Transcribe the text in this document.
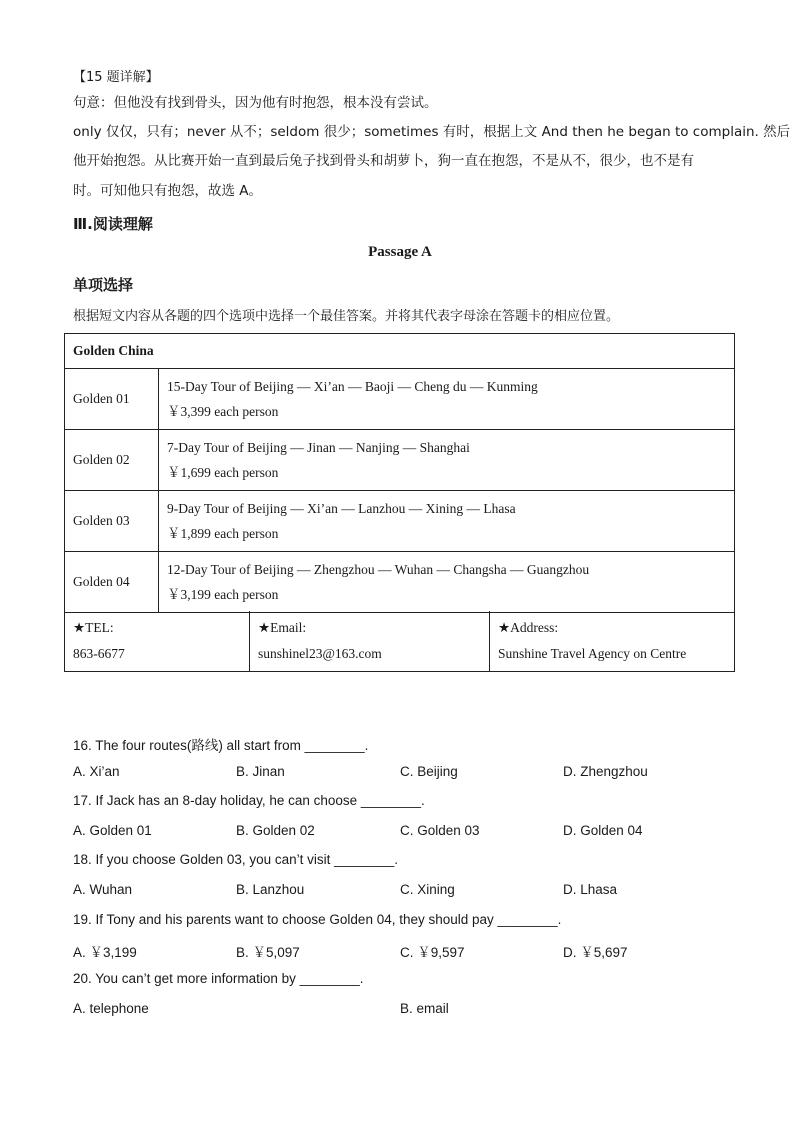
【15 题详解】
句意：但他没有找到骨头，因为他有时抱怨，根本没有尝试。
only 仅仅，只有；never 从不；seldom 很少；sometimes 有时，根据上文 And then he began to complain. 然后
他开始抱怨。从比赛开始一直到最后兔子找到骨头和胡萝卜，狗一直在抱怨，不是从不，很少，也不是有
时。可知他只有抱怨，故选 A。
Ⅲ.阅读理解
Passage A
单项选择
根据短文内容从各题的四个选项中选择一个最佳答案。并将其代表字母涂在答题卡的相应位置。
Golden China	
Golden 01	15-Day Tour of Beijing — Xi’an — Baoji — Cheng du — Kunming
￥3,399 each person

Golden 02	7-Day Tour of Beijing — Jinan — Nanjing — Shanghai
￥1,699 each person

Golden 03	9-Day Tour of Beijing — Xi’an — Lanzhou — Xining — Lhasa
￥1,899 each person

Golden 04	12-Day Tour of Beijing — Zhengzhou — Wuhan — Changsha — Guangzhou
￥3,199 each person
★TEL:
863-6677
★Email:
sunshinel23@163.com
★Address:
Sunshine Travel Agency on Centre
16. The four routes(路线) all start from ________.
A. Xi’an	B. Jinan	C. Beijing	D. Zhengzhou
17. If Jack has an 8-day holiday, he can choose ________.
A. Golden 01	B. Golden 02	C. Golden 03	D. Golden 04
18. If you choose Golden 03, you can’t visit ________.
A. Wuhan	B. Lanzhou	C. Xining	D. Lhasa
19. If Tony and his parents want to choose Golden 04, they should pay ________.
A. ￥3,199	B. ￥5,097	C. ￥9,597	D. ￥5,697
20. You can’t get more information by ________.
A. telephone	B. email
